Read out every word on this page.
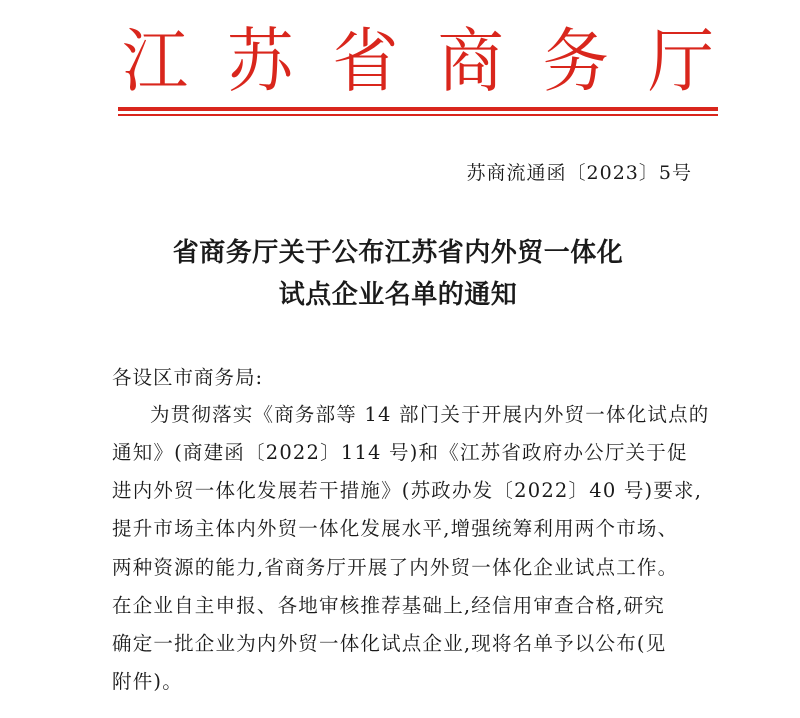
江 苏 省 商 务 厅
苏商流通函〔2023〕5号
省商务厅关于公布江苏省内外贸一体化
试点企业名单的通知
各设区市商务局:
为贯彻落实《商务部等 14 部门关于开展内外贸一体化试点的
通知》(商建函〔2022〕114 号)和《江苏省政府办公厅关于促
进内外贸一体化发展若干措施》(苏政办发〔2022〕40 号)要求,
提升市场主体内外贸一体化发展水平,增强统筹利用两个市场、
两种资源的能力,省商务厅开展了内外贸一体化企业试点工作。
在企业自主申报、各地审核推荐基础上,经信用审查合格,研究
确定一批企业为内外贸一体化试点企业,现将名单予以公布(见
附件)。
